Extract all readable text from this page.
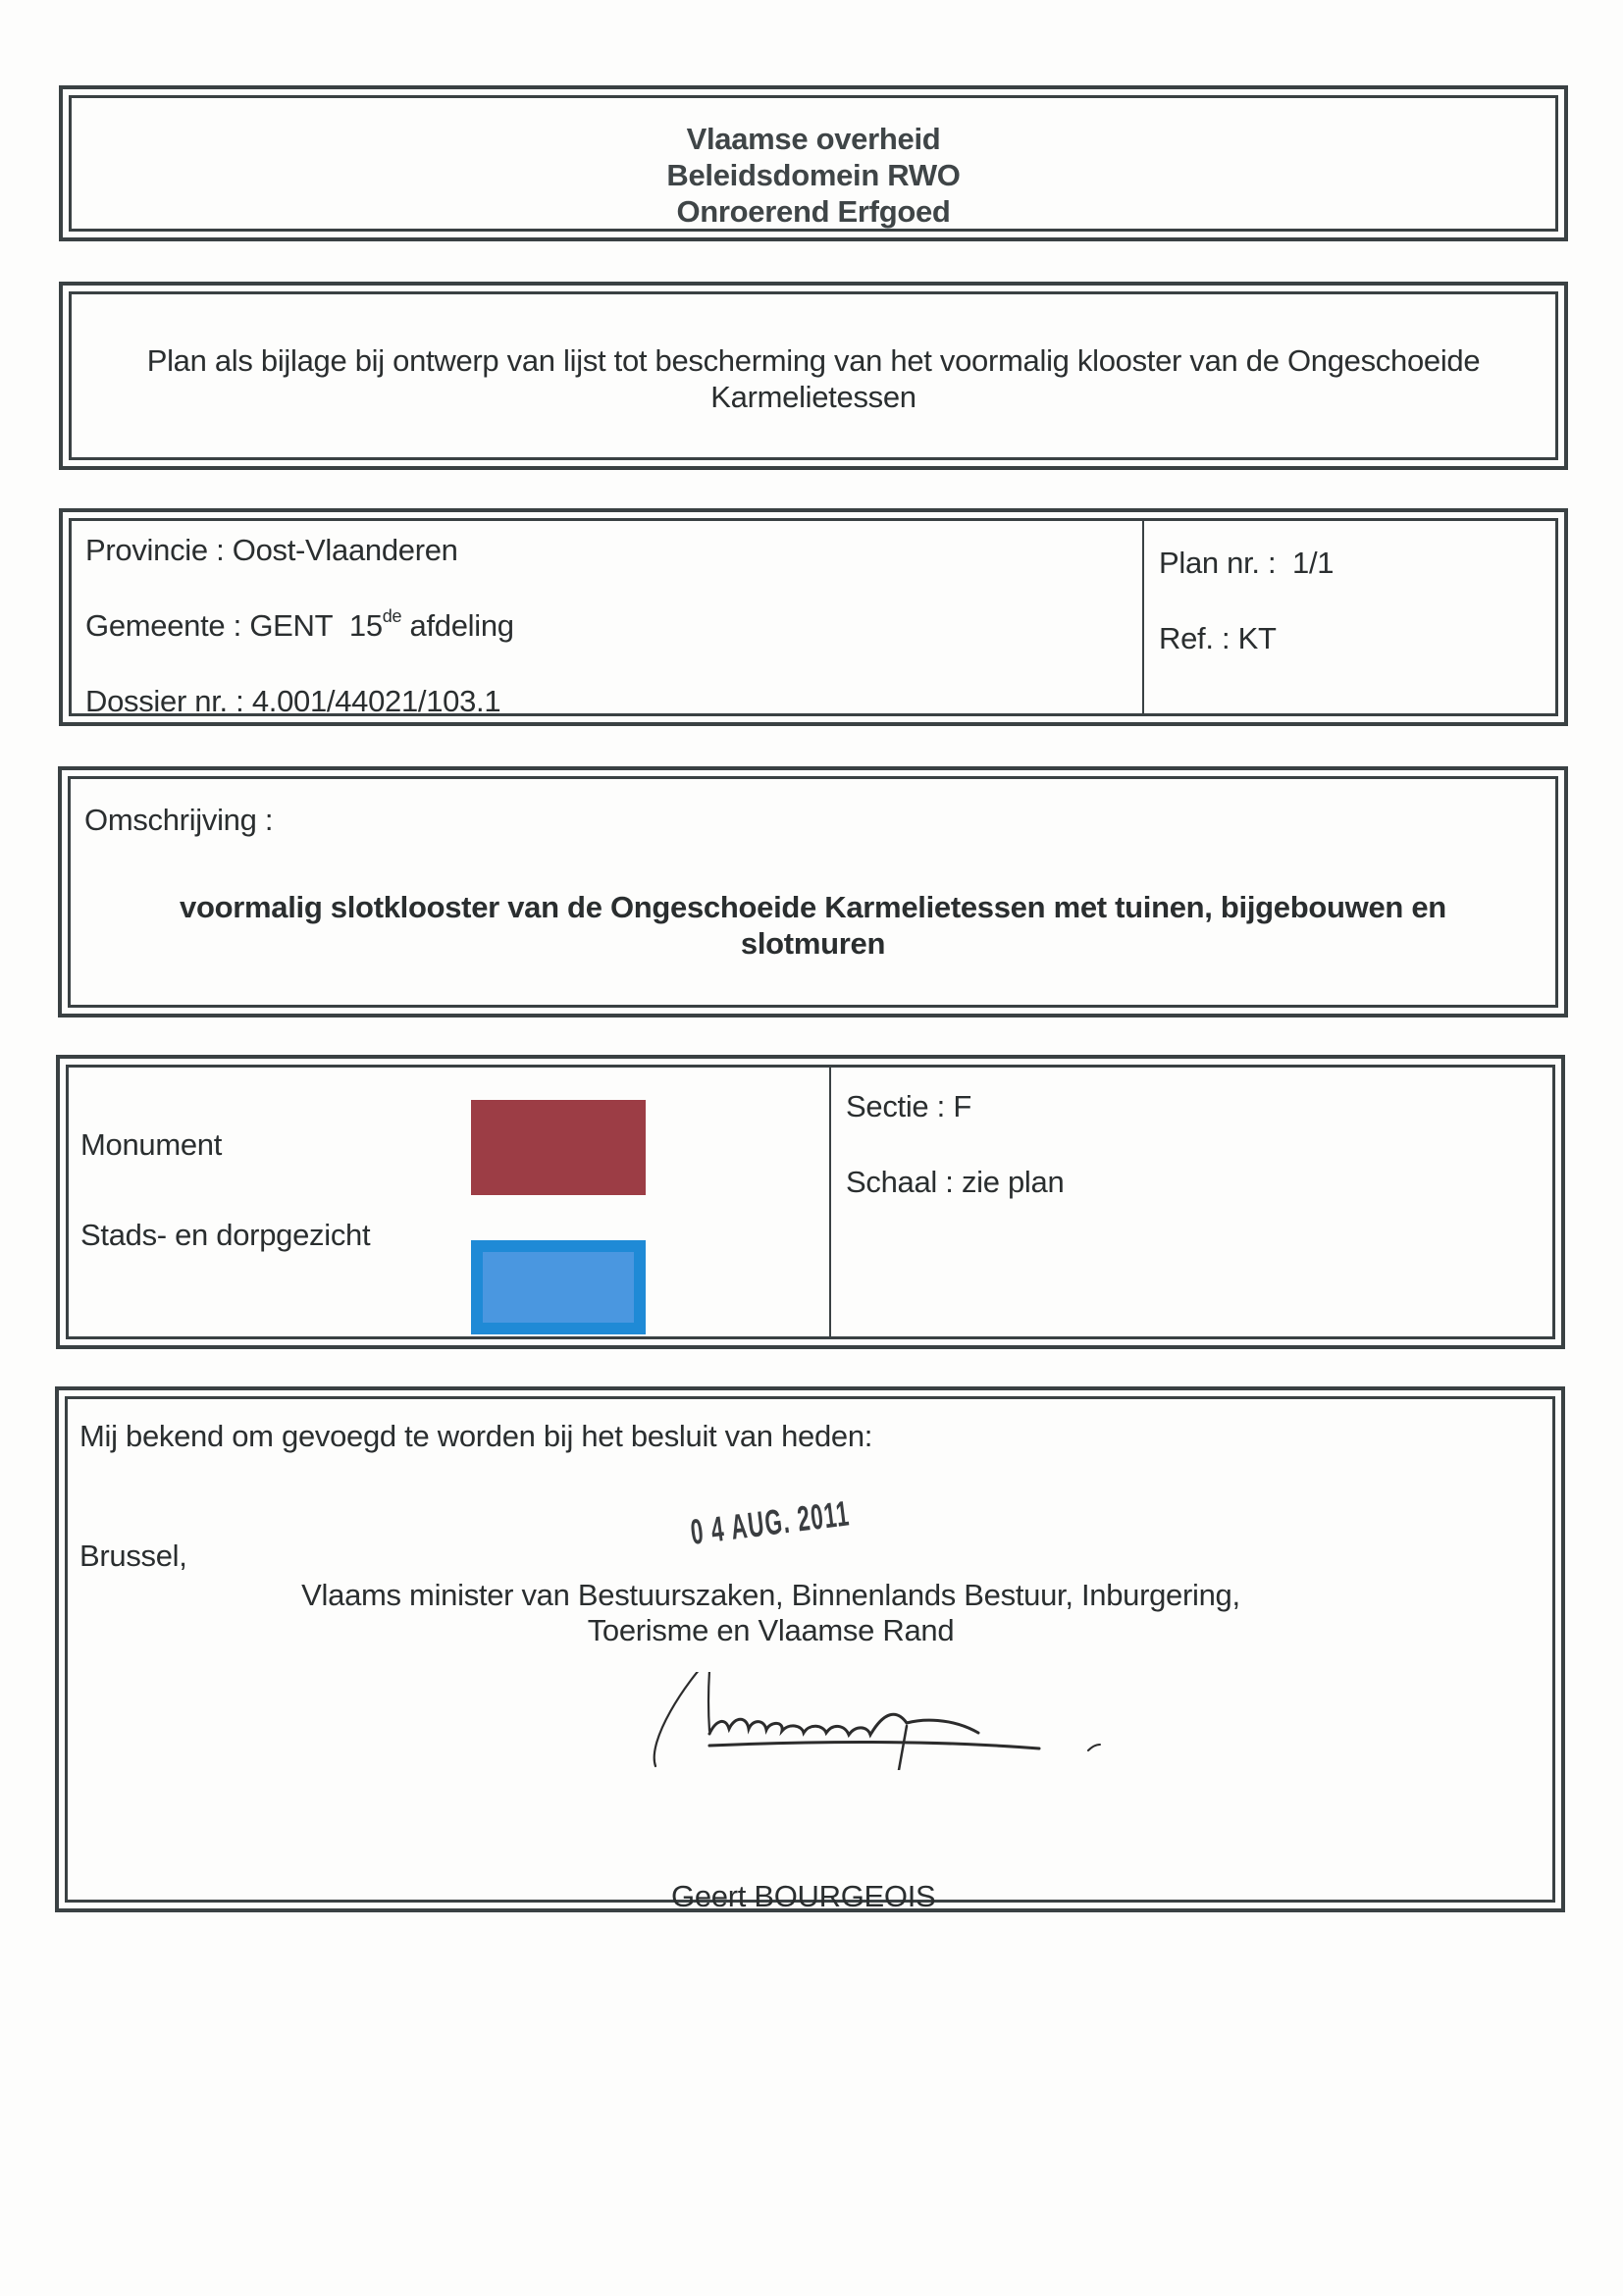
Vlaamse overheid
Beleidsdomein RWO
Onroerend Erfgoed
Plan als bijlage bij ontwerp van lijst tot bescherming van het voormalig klooster van de Ongeschoeide
Karmelietessen
Provincie : Oost-Vlaanderen
Gemeente : GENT 15de afdeling
Dossier nr. : 4.001/44021/103.1
Plan nr. : 1/1
Ref. : KT
Omschrijving :
voormalig slotklooster van de Ongeschoeide Karmelietessen met tuinen, bijgebouwen en
slotmuren
Monument
Stads- en dorpgezicht
Sectie : F
Schaal : zie plan
Mij bekend om gevoegd te worden bij het besluit van heden:
0 4 AUG. 2011
Brussel,
Vlaams minister van Bestuurszaken, Binnenlands Bestuur, Inburgering,
Toerisme en Vlaamse Rand
Geert BOURGEOIS
